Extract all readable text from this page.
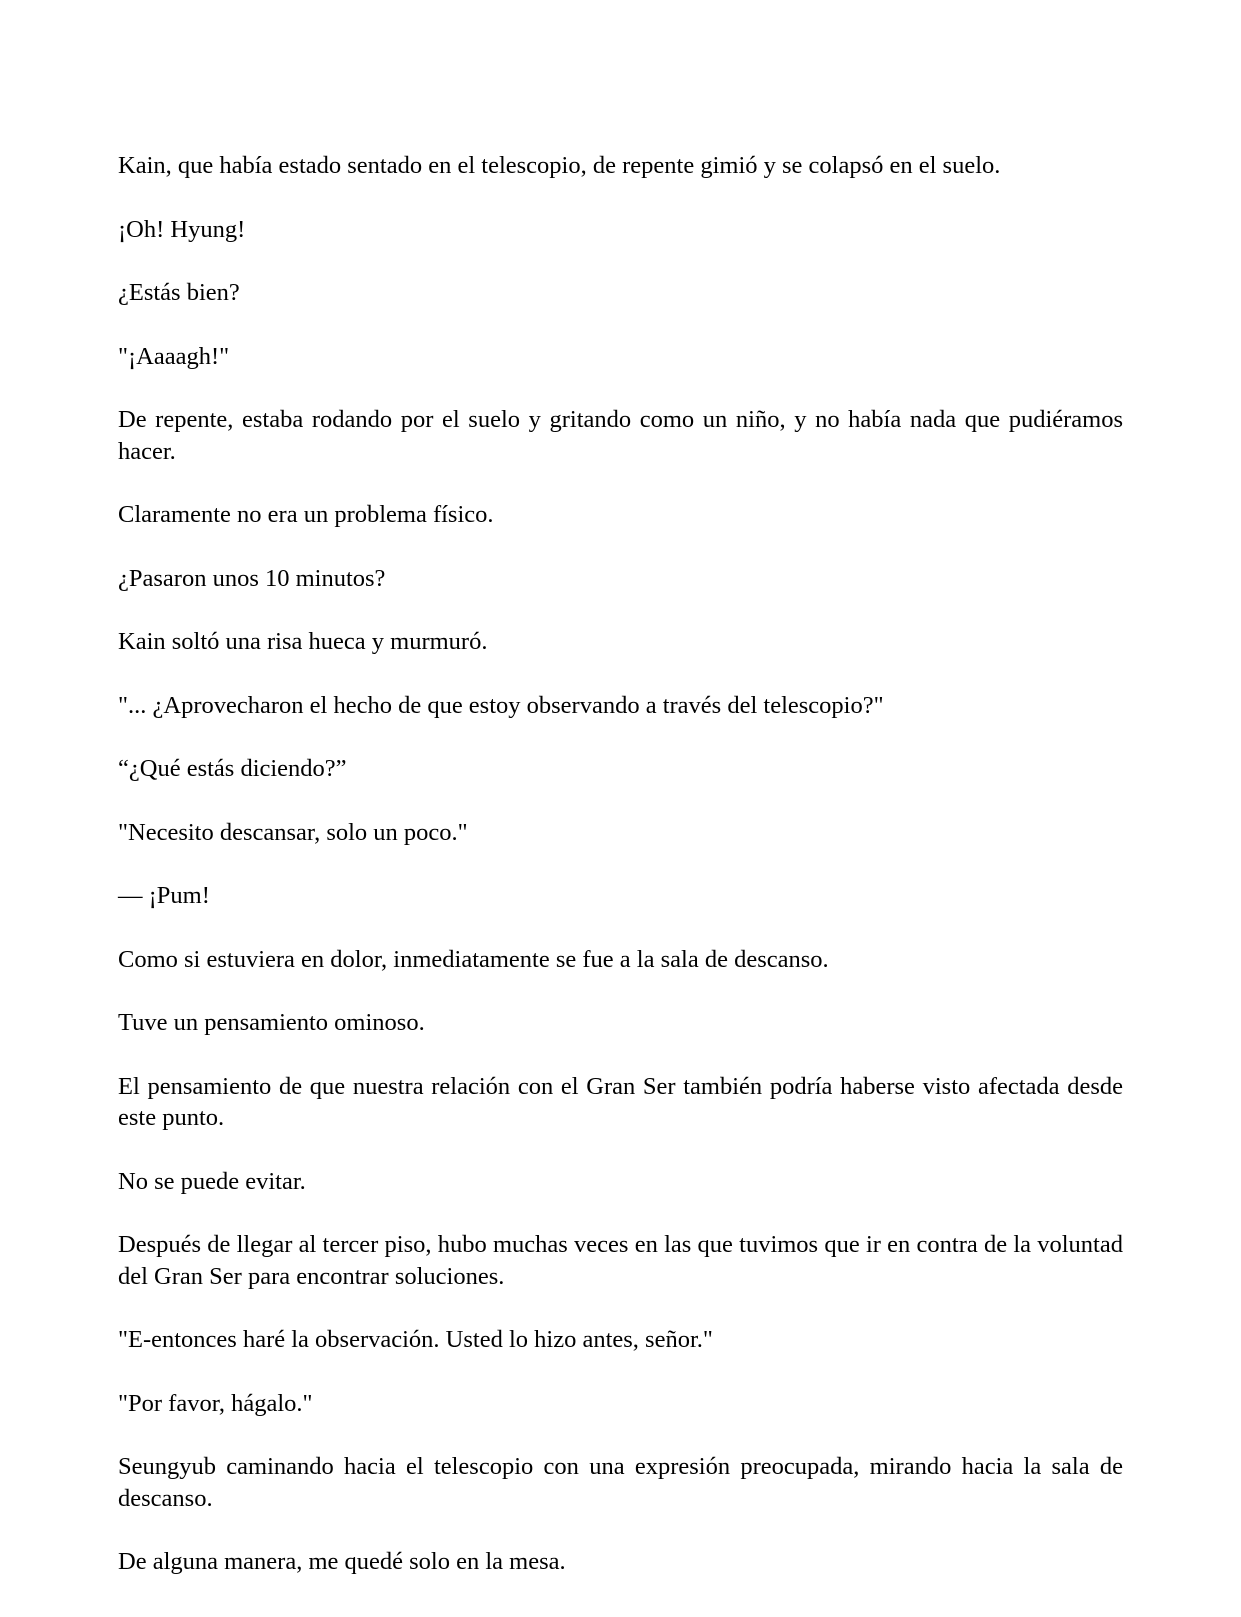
Kain, que había estado sentado en el telescopio, de repente gimió y se colapsó en el suelo.

¡Oh! Hyung!

¿Estás bien?

"¡Aaaagh!"

De repente, estaba rodando por el suelo y gritando como un niño, y no había nada que pudiéramos hacer.

Claramente no era un problema físico.

¿Pasaron unos 10 minutos?

Kain soltó una risa hueca y murmuró.

"... ¿Aprovecharon el hecho de que estoy observando a través del telescopio?"

“¿Qué estás diciendo?”

"Necesito descansar, solo un poco."

— ¡Pum!

Como si estuviera en dolor, inmediatamente se fue a la sala de descanso.

Tuve un pensamiento ominoso.

El pensamiento de que nuestra relación con el Gran Ser también podría haberse visto afectada desde este punto.

No se puede evitar.

Después de llegar al tercer piso, hubo muchas veces en las que tuvimos que ir en contra de la voluntad del Gran Ser para encontrar soluciones.

"E-entonces haré la observación. Usted lo hizo antes, señor."

"Por favor, hágalo."

Seungyub caminando hacia el telescopio con una expresión preocupada, mirando hacia la sala de descanso.

De alguna manera, me quedé solo en la mesa.
